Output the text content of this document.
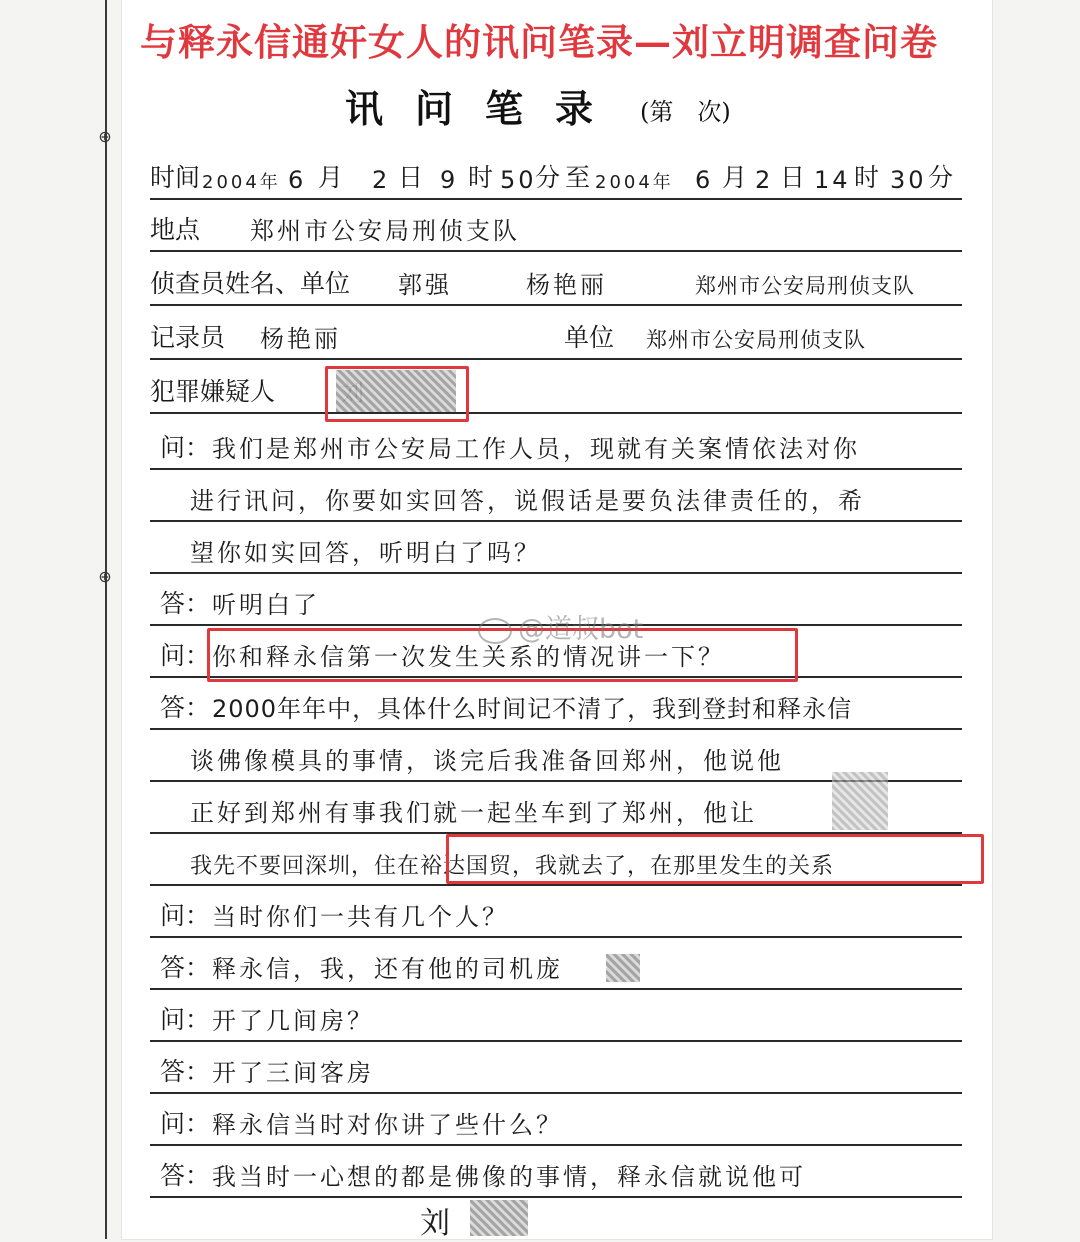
⊕
⊕
与释永信通奸女人的讯问笔录—刘立明调查问卷
讯问笔录 (第　次)
时间 2004年 6 月 2 日 9 时 50
分 至 2004年 6 月 2 日 14 时 30 分
地点 郑州市公安局刑侦支队
侦查员姓名、单位 郭强	杨艳丽	郑州市公安局刑侦支队
记录员 杨艳丽	单位 郑州市公安局刑侦支队
犯罪嫌疑人
问： 我们是郑州市公安局工作人员，现就有关案情依法对你
进行讯问，你要如实回答，说假话是要负法律责任的，希
望你如实回答，听明白了吗？
答： 听明白了
问： 你和释永信第一次发生关系的情况讲一下？
答： 2000年年中，具体什么时间记不清了，我到登封和释永信
谈佛像模具的事情，谈完后我准备回郑州，他说他
正好到郑州有事我们就一起坐车到了郑州，他让
我先不要回深圳，住在裕达国贸，我就去了，在那里发生的关系
问： 当时你们一共有几个人？
答： 释永信，我，还有他的司机庞
问： 开了几间房？
答： 开了三间客房
问： 释永信当时对你讲了些什么？
答： 我当时一心想的都是佛像的事情，释永信就说他可
刘
@道叔bot
